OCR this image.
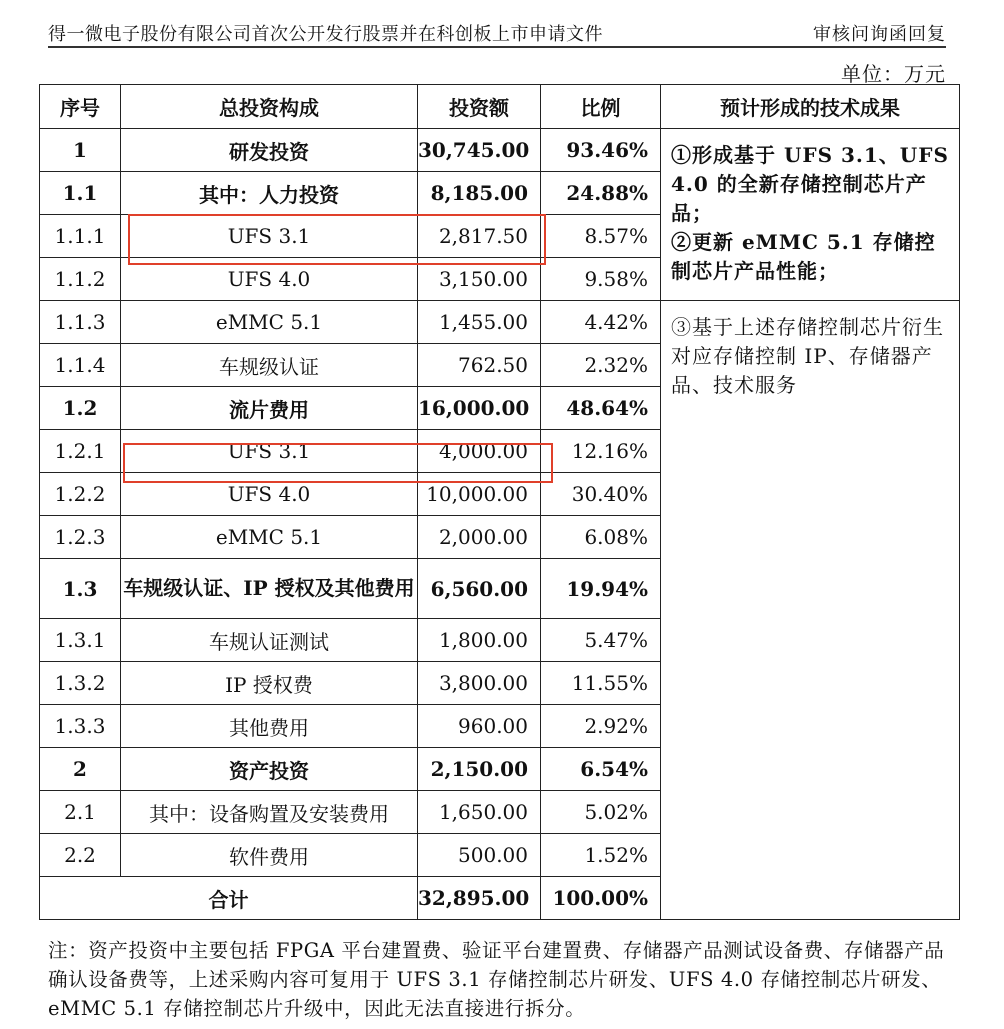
得一微电子股份有限公司首次公开发行股票并在科创板上市申请文件	审核问询函回复
单位：万元
序号	总投资构成	投资额	比例	预计形成的技术成果
1	研发投资	30,745.00	93.46%	①形成基于 UFS 3.1、UFS 4.0 的全新存储控制芯片产品；
②更新 eMMC 5.1 存储控制芯片产品性能；
1.1	其中：人力投资	8,185.00	24.88%	
1.1.1	UFS 3.1	2,817.50	8.57%	
1.1.2	UFS 4.0	3,150.00	9.58%	
1.1.3	eMMC 5.1	1,455.00	4.42%	③基于上述存储控制芯片衍生对应存储控制 IP、存储器产品、技术服务
1.1.4	车规级认证	762.50	2.32%	
1.2	流片费用	16,000.00	48.64%	
1.2.1	UFS 3.1	4,000.00	12.16%	
1.2.2	UFS 4.0	10,000.00	30.40%	
1.2.3	eMMC 5.1	2,000.00	6.08%	
1.3	车规级认证、IP 授权及其他费用	6,560.00	19.94%	
1.3.1	车规认证测试	1,800.00	5.47%	
1.3.2	IP 授权费	3,800.00	11.55%	
1.3.3	其他费用	960.00	2.92%	
2	资产投资	2,150.00	6.54%	
2.1	其中：设备购置及安装费用	1,650.00	5.02%	
2.2	软件费用	500.00	1.52%	
合计		32,895.00	100.00%	
注：资产投资中主要包括 FPGA 平台建置费、验证平台建置费、存储器产品测试设备费、存储器产品确认设备费等，上述采购内容可复用于 UFS 3.1 存储控制芯片研发、UFS 4.0 存储控制芯片研发、eMMC 5.1 存储控制芯片升级中，因此无法直接进行拆分。
